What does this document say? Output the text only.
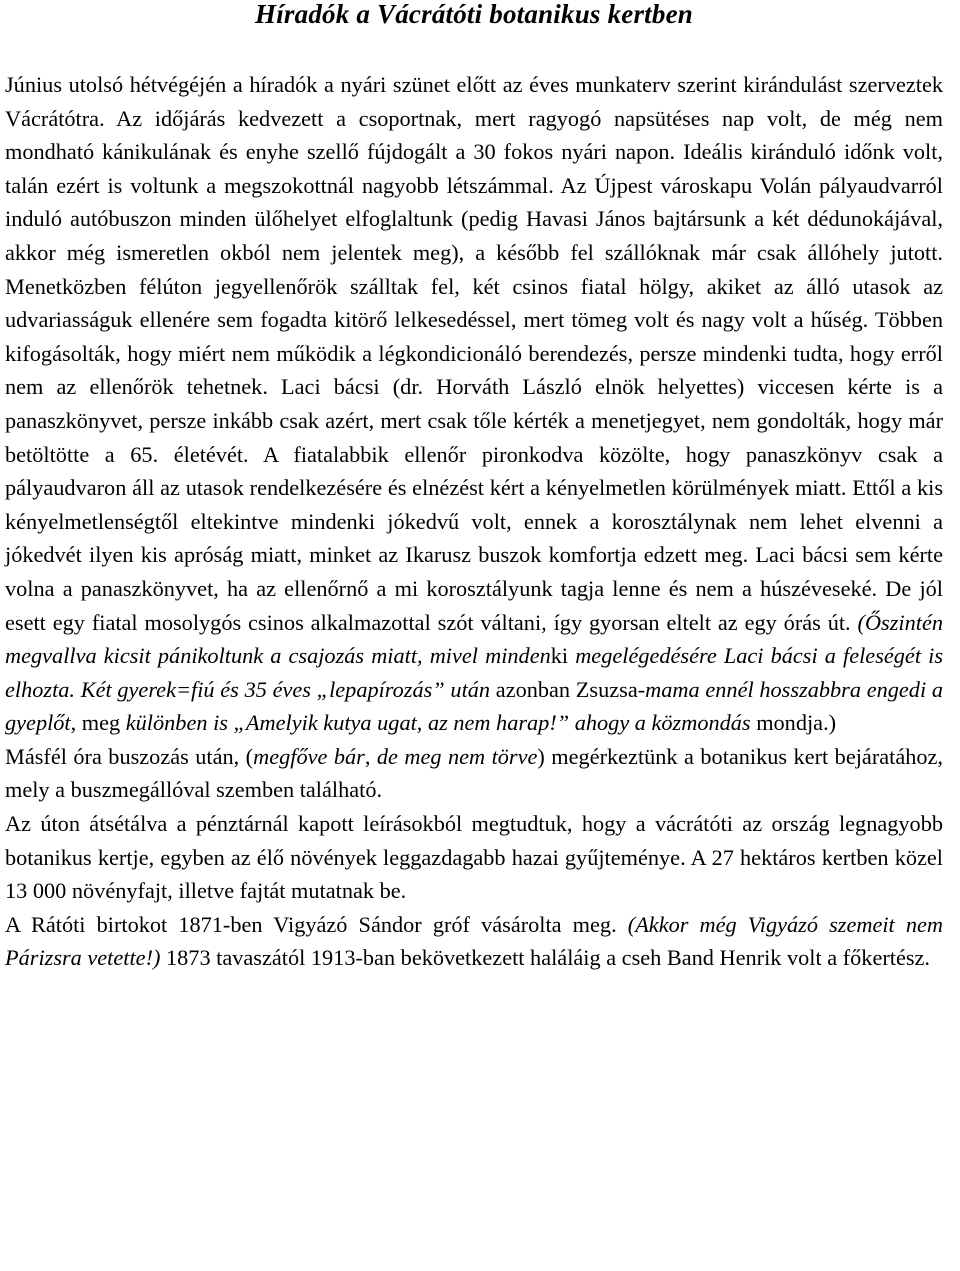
Híradók a Vácrátóti botanikus kertben

Június utolsó hétvégéjén a híradók a nyári szünet előtt az éves munkaterv szerint kirándulást szerveztek Vácrátótra. Az időjárás kedvezett a csoportnak, mert ragyogó napsütéses nap volt, de még nem mondható kánikulának és enyhe szellő fújdogált a 30 fokos nyári napon. Ideális kiránduló időnk volt, talán ezért is voltunk a megszokottnál nagyobb létszámmal. Az Újpest városkapu Volán pályaudvarról induló autóbuszon minden ülőhelyet elfoglaltunk (pedig Havasi János bajtársunk a két dédunokájával, akkor még ismeretlen okból nem jelentek meg), a később fel szállóknak már csak állóhely jutott. Menetközben félúton jegyellenőrök szálltak fel, két csinos fiatal hölgy, akiket az álló utasok az udvariasságuk ellenére sem fogadta kitörő lelkesedéssel, mert tömeg volt és nagy volt a hűség. Többen kifogásolták, hogy miért nem működik a légkondicionáló berendezés, persze mindenki tudta, hogy erről nem az ellenőrök tehetnek. Laci bácsi (dr. Horváth László elnök helyettes) viccesen kérte is a panaszkönyvet, persze inkább csak azért, mert csak tőle kérték a menetjegyet, nem gondolták, hogy már betöltötte a 65. életévét. A fiatalabbik ellenőr pironkodva közölte, hogy panaszkönyv csak a pályaudvaron áll az utasok rendelkezésére és elnézést kért a kényelmetlen körülmények miatt. Ettől a kis kényelmetlenségtől eltekintve mindenki jókedvű volt, ennek a korosztálynak nem lehet elvenni a jókedvét ilyen kis apróság miatt, minket az Ikarusz buszok komfortja edzett meg. Laci bácsi sem kérte volna a panaszkönyvet, ha az ellenőrnő a mi korosztályunk tagja lenne és nem a húszéveseké. De jól esett egy fiatal mosolygós csinos alkalmazottal szót váltani, így gyorsan eltelt az egy órás út. (Őszintén megvallva kicsit pánikoltunk a csajozás miatt, mivel mindenki megelégedésére Laci bácsi a feleségét is elhozta. Két gyerek=fiú és 35 éves „lepapírozás” után azonban Zsuzsa-mama ennél hosszabbra engedi a gyeplőt, meg különben is „Amelyik kutya ugat, az nem harap!” ahogy a közmondás mondja.)

Másfél óra buszozás után, (megfőve bár, de meg nem törve) megérkeztünk a botanikus kert bejáratához, mely a buszmegállóval szemben található.

Az úton átsétálva a pénztárnál kapott leírásokból megtudtuk, hogy a vácrátóti az ország legnagyobb botanikus kertje, egyben az élő növények leggazdagabb hazai gyűjteménye. A 27 hektáros kertben közel 13 000 növényfajt, illetve fajtát mutatnak be.

A Rátóti birtokot 1871-ben Vigyázó Sándor gróf vásárolta meg. (Akkor még Vigyázó szemeit nem Párizsra vetette!) 1873 tavaszától 1913-ban bekövetkezett haláláig a cseh Band Henrik volt a főkertész.
